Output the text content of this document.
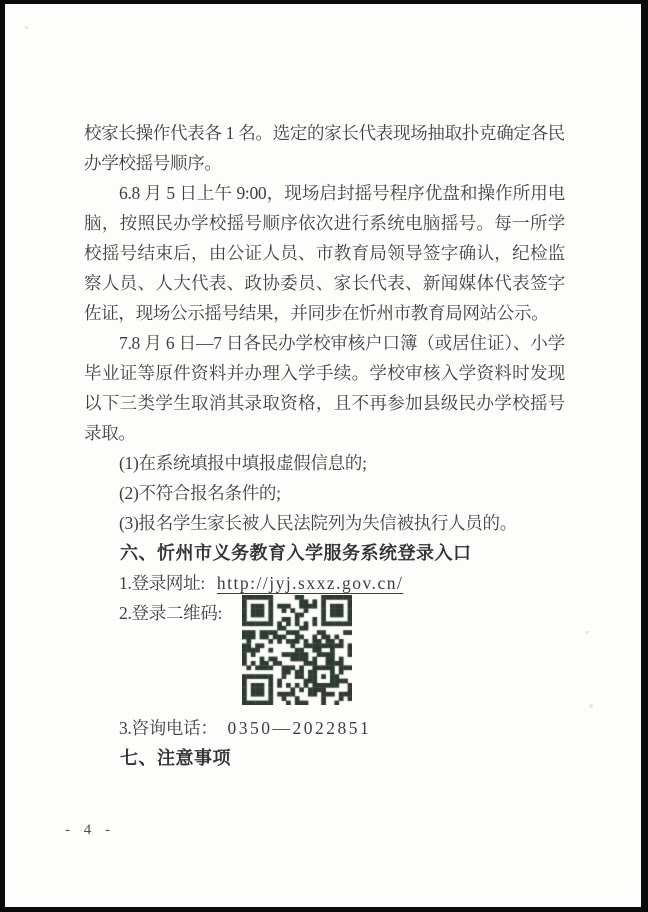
校家长操作代表各 1 名。选定的家长代表现场抽取扑克确定各民办学校摇号顺序。

6.8 月 5 日上午 9:00，现场启封摇号程序优盘和操作所用电脑，按照民办学校摇号顺序依次进行系统电脑摇号。每一所学校摇号结束后，由公证人员、市教育局领导签字确认，纪检监察人员、人大代表、政协委员、家长代表、新闻媒体代表签字佐证，现场公示摇号结果，并同步在忻州市教育局网站公示。

7.8 月 6 日—7 日各民办学校审核户口簿（或居住证）、小学毕业证等原件资料并办理入学手续。学校审核入学资料时发现以下三类学生取消其录取资格，且不再参加县级民办学校摇号录取。

(1)在系统填报中填报虚假信息的;

(2)不符合报名条件的;

(3)报名学生家长被人民法院列为失信被执行人员的。

六、忻州市义务教育入学服务系统登录入口

1.登录网址: http://jyj.sxxz.gov.cn/

2.登录二维码:

3.咨询电话： 0350—2022851

七、注意事项
- 4 -
